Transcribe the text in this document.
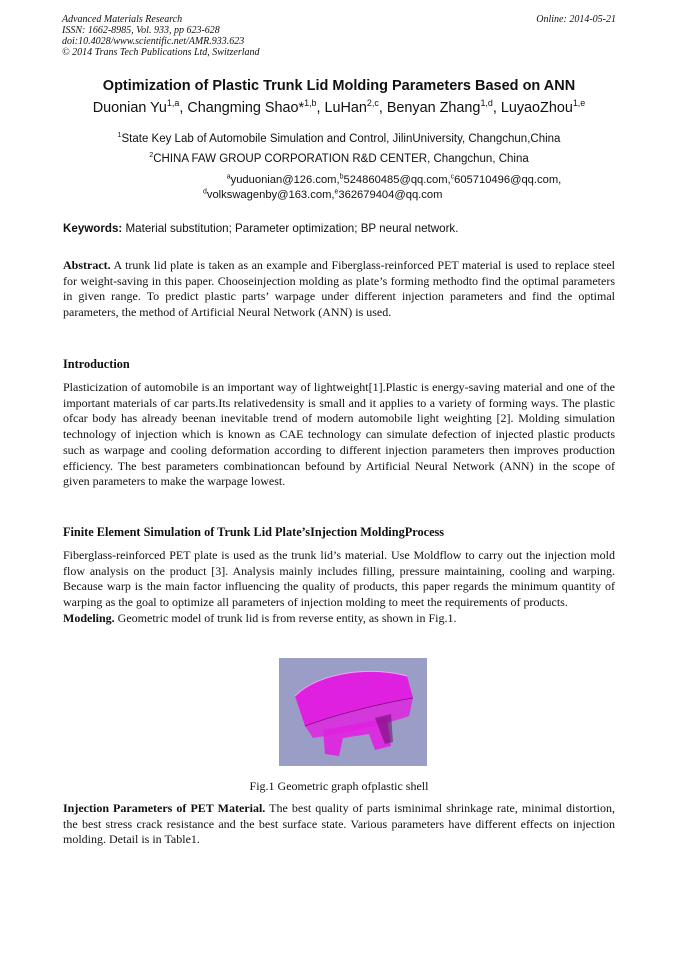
Advanced Materials Research
ISSN: 1662-8985, Vol. 933, pp 623-628
doi:10.4028/www.scientific.net/AMR.933.623
© 2014 Trans Tech Publications Ltd, Switzerland
Online: 2014-05-21
Optimization of Plastic Trunk Lid Molding Parameters Based on ANN
Duonian Yu$^{1,a}$, Changming Shao*$^{1,b}$, LuHan$^{2,c}$, Benyan Zhang$^{1,d}$, LuyaoZhou$^{1,e}$
$^1$State Key Lab of Automobile Simulation and Control, JilinUniversity, Changchun,China
$^2$CHINA FAW GROUP CORPORATION R&D CENTER, Changchun, China
$^a$yuduonian@126.com,$^b$524860485@qq.com,$^c$605710496@qq.com,
$^d$volkswagenby@163.com,$^e$362679404@qq.com
Keywords: Material substitution; Parameter optimization; BP neural network.
Abstract. A trunk lid plate is taken as an example and Fiberglass-reinforced PET material is used to replace steel for weight-saving in this paper. Chooseinjection molding as plate’s forming methodto find the optimal parameters in given range. To predict plastic parts’ warpage under different injection parameters and find the optimal parameters, the method of Artificial Neural Network (ANN) is used.
Introduction
Plasticization of automobile is an important way of lightweight[1].Plastic is energy-saving material and one of the important materials of car parts.Its relativedensity is small and it applies to a variety of forming ways. The plastic ofcar body has already beenan inevitable trend of modern automobile light weighting [2]. Molding simulation technology of injection which is known as CAE technology can simulate defection of injected plastic products such as warpage and cooling deformation according to different injection parameters then improves production efficiency. The best parameters combinationcan befound by Artificial Neural Network (ANN) in the scope of given parameters to make the warpage lowest.
Finite Element Simulation of Trunk Lid Plate’sInjection MoldingProcess
Fiberglass-reinforced PET plate is used as the trunk lid’s material. Use Moldflow to carry out the injection mold flow analysis on the product [3]. Analysis mainly includes filling, pressure maintaining, cooling and warping. Because warp is the main factor influencing the quality of products, this paper regards the minimum quantity of warping as the goal to optimize all parameters of injection molding to meet the requirements of products.
Modeling. Geometric model of trunk lid is from reverse entity, as shown in Fig.1.
Fig.1 Geometric graph ofplastic shell
Injection Parameters of PET Material. The best quality of parts isminimal shrinkage rate, minimal distortion, the best stress crack resistance and the best surface state. Various parameters have different effects on injection molding. Detail is in Table1.
